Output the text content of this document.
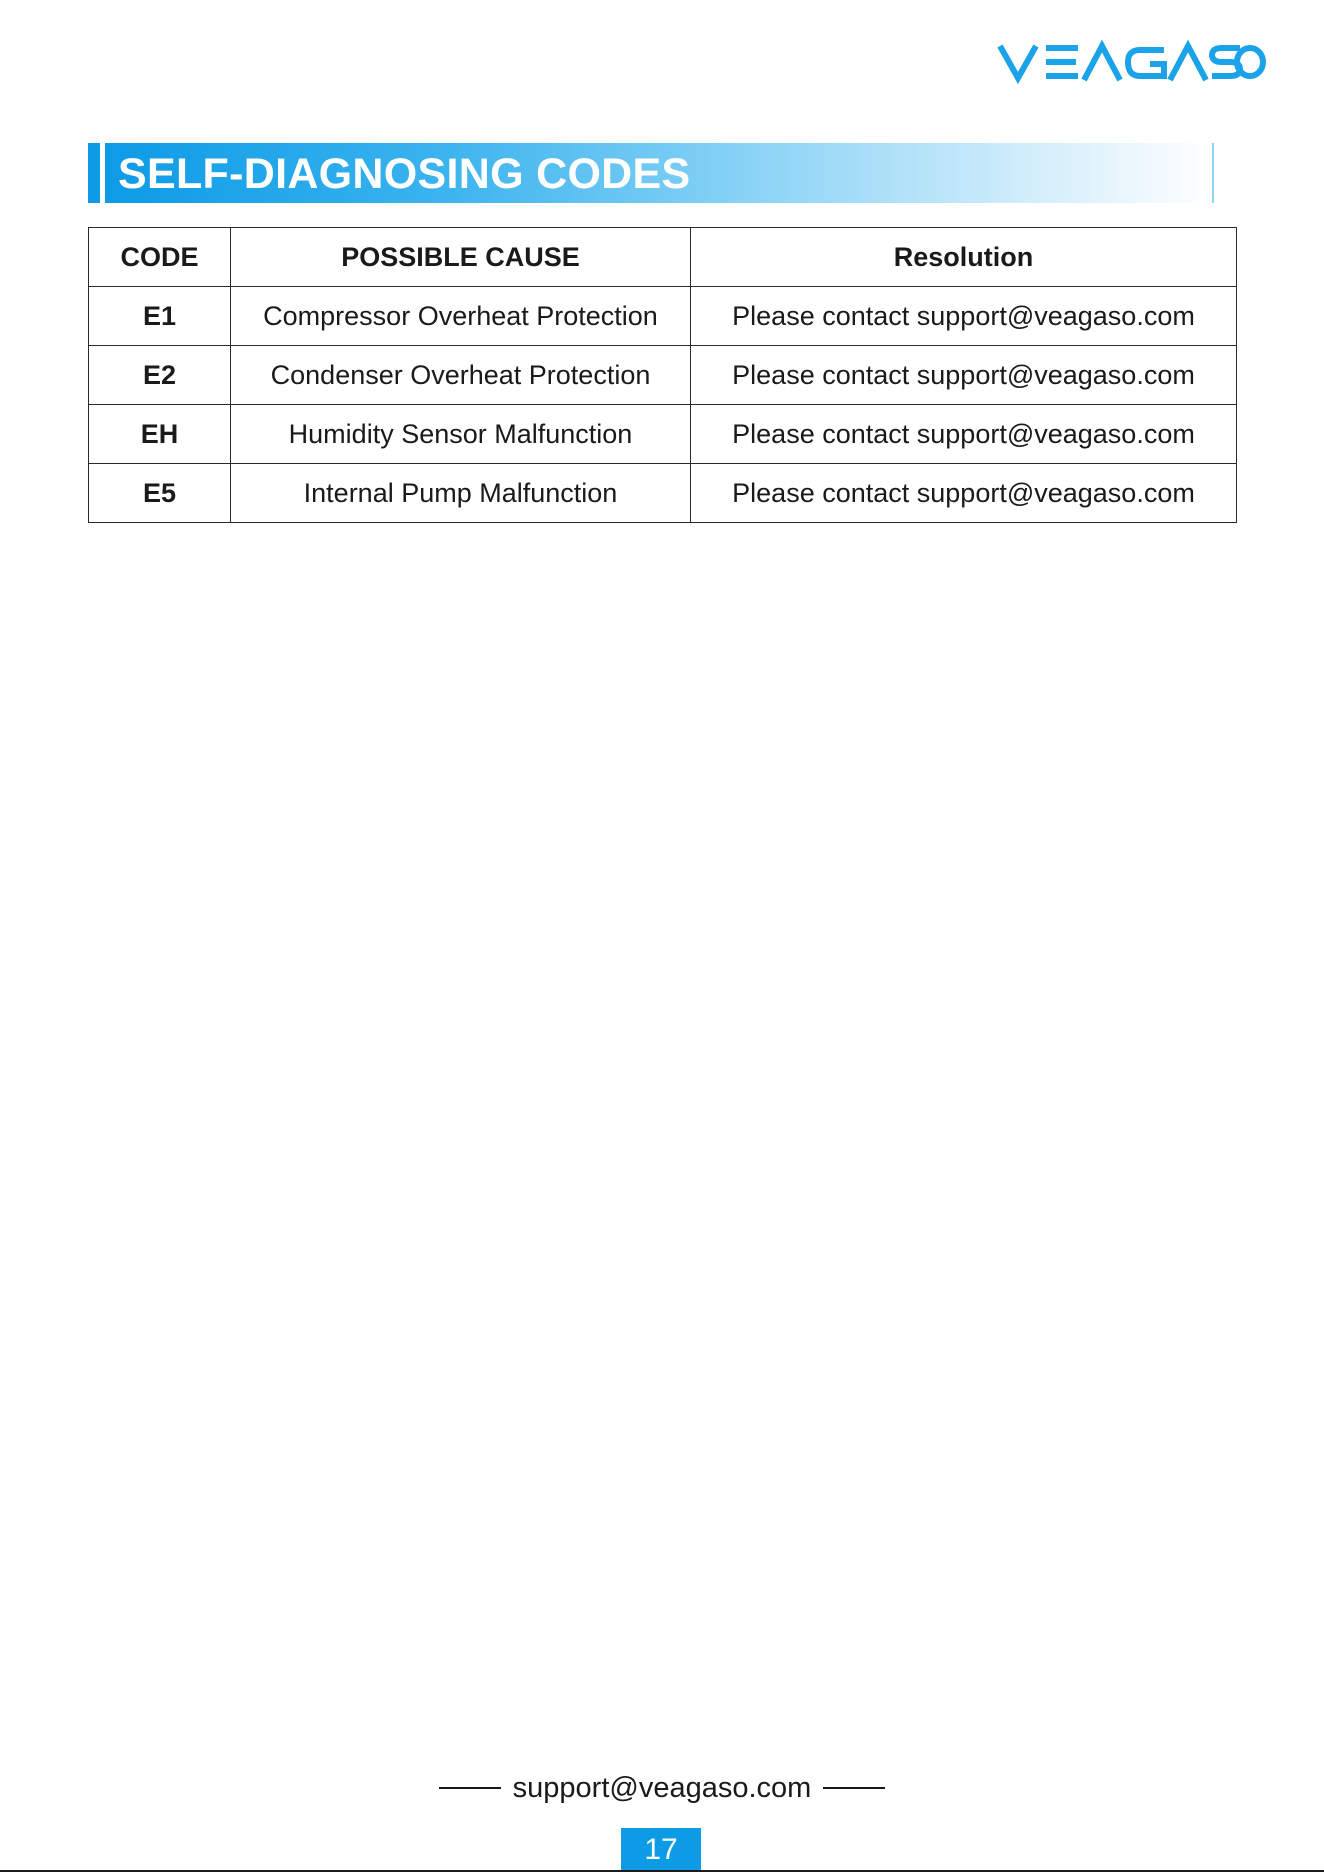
SELF-DIAGNOSING CODES
CODE	POSSIBLE CAUSE	Resolution
E1	Compressor Overheat Protection	Please contact support@veagaso.com
E2	Condenser Overheat Protection	Please contact support@veagaso.com
EH	Humidity Sensor Malfunction	Please contact support@veagaso.com
E5	Internal Pump Malfunction	Please contact support@veagaso.com
support@veagaso.com
17
